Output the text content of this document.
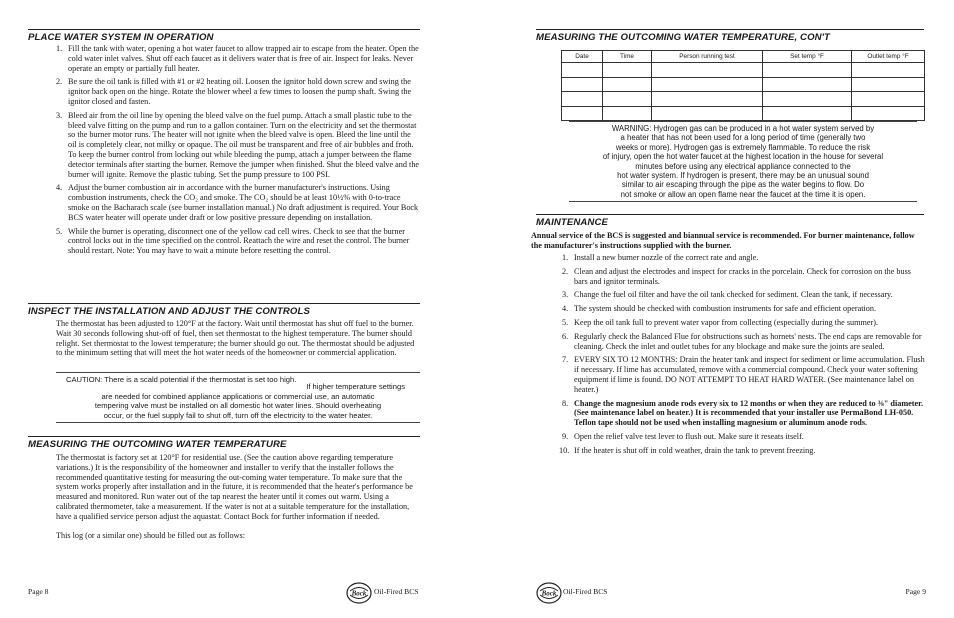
PLACE WATER SYSTEM IN OPERATION
1. Fill the tank with water, opening a hot water faucet to allow trapped air to escape from the heater. Open the cold water inlet valves. Shut off each faucet as it delivers water that is free of air. Inspect for leaks. Never operate an empty or partially full heater.
2. Be sure the oil tank is filled with #1 or #2 heating oil. Loosen the ignitor hold down screw and swing the ignitor back open on the hinge. Rotate the blower wheel a few times to loosen the pump shaft. Swing the ignitor closed and fasten.
3. Bleed air from the oil line by opening the bleed valve on the fuel pump. Attach a small plastic tube to the bleed valve fitting on the pump and run to a gallon container. Turn on the electricity and set the thermostat so the burner motor runs. The heater will not ignite when the bleed valve is open. Bleed the line until the oil is completely clear, not milky or opaque. The oil must be transparent and free of air bubbles and froth. To keep the burner control from locking out while bleeding the pump, attach a jumper between the flame detector terminals after starting the burner. Remove the jumper when finished. Shut the bleed valve and the burner will ignite. Remove the plastic tubing. Set the pump pressure to 100 PSI.
4. Adjust the burner combustion air in accordance with the burner manufacturer's instructions. Using combustion instruments, check the CO₂ and smoke. The CO₂ should be at least 10½% with 0-to-trace smoke on the Bacharach scale (see burner installation manual.) No draft adjustment is required. Your Bock BCS water heater will operate under draft or low positive pressure depending on installation.
5. While the burner is operating, disconnect one of the yellow cad cell wires. Check to see that the burner control locks out in the time specified on the control. Reattach the wire and reset the control. The burner should restart. Note: You may have to wait a minute before resetting the control.
INSPECT THE INSTALLATION AND ADJUST THE CONTROLS

The thermostat has been adjusted to 120°F at the factory. Wait until thermostat has shut off fuel to the burner. Wait 30 seconds following shut-off of fuel, then set thermostat to the highest temperature. The burner should relight. Set thermostat to the lowest temperature; the burner should go out. The thermostat should be adjusted to the minimum setting that will meet the hot water needs of the homeowner or commercial application.

CAUTION: There is a scald potential if the thermostat is set too high.
If higher temperature settings
are needed for combined appliance applications or commercial use, an automatic
tempering valve must be installed on all domestic hot water lines. Should overheating
occur, or the fuel supply fail to shut off, turn off the electricity to the water heater.
MEASURING THE OUTCOMING WATER TEMPERATURE

The thermostat is factory set at 120°F for residential use. (See the caution above regarding temperature variations.) It is the responsibility of the homeowner and installer to verify that the installer follows the recommended quantitative testing for measuring the out-coming water temperature. To make sure that the system works properly after installation and in the future, it is recommended that the heater's performance be measured and monitored. Run water out of the tap nearest the heater until it comes out warm. Using a calibrated thermometer, take a measurement. If the water is not at a suitable temperature for the installation, have a qualified service person adjust the aquastat. Contact Bock for further information if needed.

This log (or a similar one) should be filled out as follows:

Page 8	Bock Oil-Fired BCS
MEASURING THE OUTCOMING WATER TEMPERATURE, CON'T
Date	Time	Person running test	Set temp °F	Outlet temp °F

WARNING: Hydrogen gas can be produced in a hot water system served by
a heater that has not been used for a long period of time (generally two
weeks or more). Hydrogen gas is extremely flammable. To reduce the risk
of injury, open the hot water faucet at the highest location in the house for several
minutes before using any electrical appliance connected to the
hot water system. If hydrogen is present, there may be an unusual sound
similar to air escaping through the pipe as the water begins to flow. Do
not smoke or allow an open flame near the faucet at the time it is open.
MAINTENANCE

Annual service of the BCS is suggested and biannual service is recommended. For burner maintenance, follow the manufacturer's instructions supplied with the burner.

1. Install a new burner nozzle of the correct rate and angle.
2. Clean and adjust the electrodes and inspect for cracks in the porcelain. Check for corrosion on the buss bars and ignitor terminals.
3. Change the fuel oil filter and have the oil tank checked for sediment. Clean the tank, if necessary.
4. The system should be checked with combustion instruments for safe and efficient operation.
5. Keep the oil tank full to prevent water vapor from collecting (especially during the summer).
6. Regularly check the Balanced Flue for obstructions such as hornets' nests. The end caps are removable for cleaning. Check the inlet and outlet tubes for any blockage and make sure the joints are sealed.
7. EVERY SIX TO 12 MONTHS: Drain the heater tank and inspect for sediment or lime accumulation. Flush if necessary. If lime has accumulated, remove with a commercial compound. Check your water softening equipment if lime is found. DO NOT ATTEMPT TO HEAT HARD WATER. (See maintenance label on heater.)
8. Change the magnesium anode rods every six to 12 months or when they are reduced to ⅜" diameter. (See maintenance label on heater.) It is recommended that your installer use PermaBond LH-050. Teflon tape should not be used when installing magnesium or aluminum anode rods.
9. Open the relief valve test lever to flush out. Make sure it reseats itself.
10. If the heater is shut off in cold weather, drain the tank to prevent freezing.
Bock Oil-Fired BCS	Page 9
